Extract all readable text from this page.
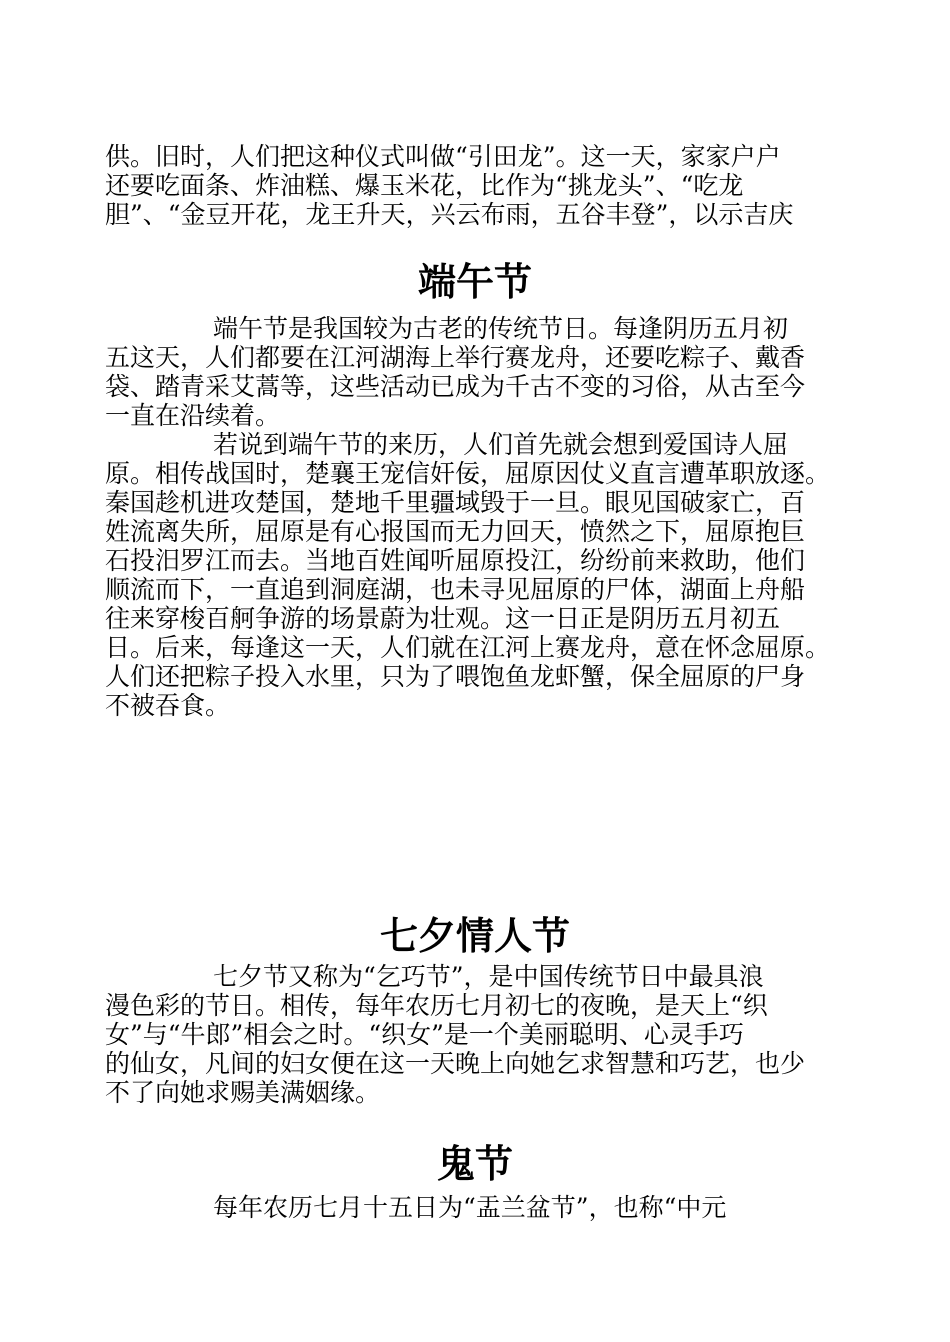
供。旧时，人们把这种仪式叫做“引田龙”。这一天，家家户户
还要吃面条、炸油糕、爆玉米花，比作为“挑龙头”、“吃龙
胆”、“金豆开花，龙王升天，兴云布雨，五谷丰登”，以示吉庆
端午节
端午节是我国较为古老的传统节日。每逢阴历五月初
五这天，人们都要在江河湖海上举行赛龙舟，还要吃粽子、戴香
袋、踏青采艾蒿等，这些活动已成为千古不变的习俗，从古至今
一直在沿续着。
若说到端午节的来历，人们首先就会想到爱国诗人屈
原。相传战国时，楚襄王宠信奸佞，屈原因仗义直言遭革职放逐。
秦国趁机进攻楚国，楚地千里疆域毁于一旦。眼见国破家亡，百
姓流离失所，屈原是有心报国而无力回天，愤然之下，屈原抱巨
石投汨罗江而去。当地百姓闻听屈原投江，纷纷前来救助，他们
顺流而下，一直追到洞庭湖，也未寻见屈原的尸体，湖面上舟船
往来穿梭百舸争游的场景蔚为壮观。这一日正是阴历五月初五
日。后来，每逢这一天，人们就在江河上赛龙舟，意在怀念屈原。
人们还把粽子投入水里，只为了喂饱鱼龙虾蟹，保全屈原的尸身
不被吞食。
七夕情人节
七夕节又称为“乞巧节”，是中国传统节日中最具浪
漫色彩的节日。相传，每年农历七月初七的夜晚，是天上“织
女”与“牛郎”相会之时。“织女”是一个美丽聪明、心灵手巧
的仙女，凡间的妇女便在这一天晚上向她乞求智慧和巧艺，也少
不了向她求赐美满姻缘。
鬼节
每年农历七月十五日为“盂兰盆节”，也称“中元
